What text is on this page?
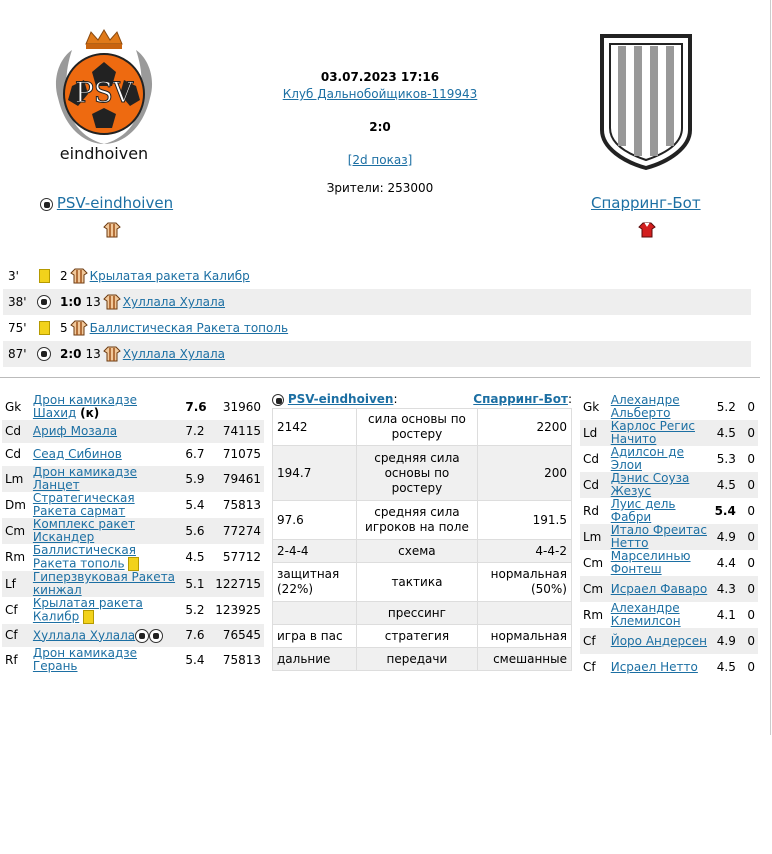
PSV
eindhoiven
03.07.2023 17:16
Клуб Дальнобойщиков-119943
2:0
[2d показ]
Зрители: 253000
PSV-eindhoiven	Спарринг-Бот
3'	2 Крылатая ракета Калибр
38'	1:0 13 Хуллала Хулала
75'	5 Баллистическая Ракета тополь
87'	2:0 13 Хуллала Хулала
Gk	Дрон камикадзе Шахид (к)	7.6	31960
Cd	Ариф Мозала	7.2	74115
Cd	Сеад Сибинов	6.7	71075
Lm	Дрон камикадзе Ланцет	5.9	79461
Dm	Стратегическая Ракета сармат	5.4	75813
Cm	Комплекс ракет Искандер	5.6	77274
Rm	Баллистическая Ракета тополь	4.5	57712
Lf	Гиперзвуковая Ракета кинжал	5.1	122715
Cf	Крылатая ракета Калибр	5.2	123925
Cf	Хуллала Хулала	7.6	76545
Rf	Дрон камикадзе Герань	5.4	75813
PSV-eindhoiven:	Спарринг-Бот:
2142	сила основы по ростеру	2200
194.7	средняя сила основы по ростеру	200
97.6	средняя сила игроков на поле	191.5
2-4-4	схема	4-4-2
защитная (22%)	тактика	нормальная (50%)
	прессинг	
игра в пас	стратегия	нормальная
дальние	передачи	смешанные
Gk	Алехандре Альберто	5.2	0
Ld	Карлос Регис Начито	4.5	0
Cd	Адилсон де Элои	5.3	0
Cd	Дэнис Соуза Жезус	4.5	0
Rd	Луис дель Фабри	5.4	0
Lm	Итало Фреитас Нетто	4.9	0
Cm	Марселинью Фонтеш	4.4	0
Cm	Исраел Фаваро	4.3	0
Rm	Алехандре Клемилсон	4.1	0
Cf	Йоро Андерсен	4.9	0
Cf	Исраел Нетто	4.5	0
